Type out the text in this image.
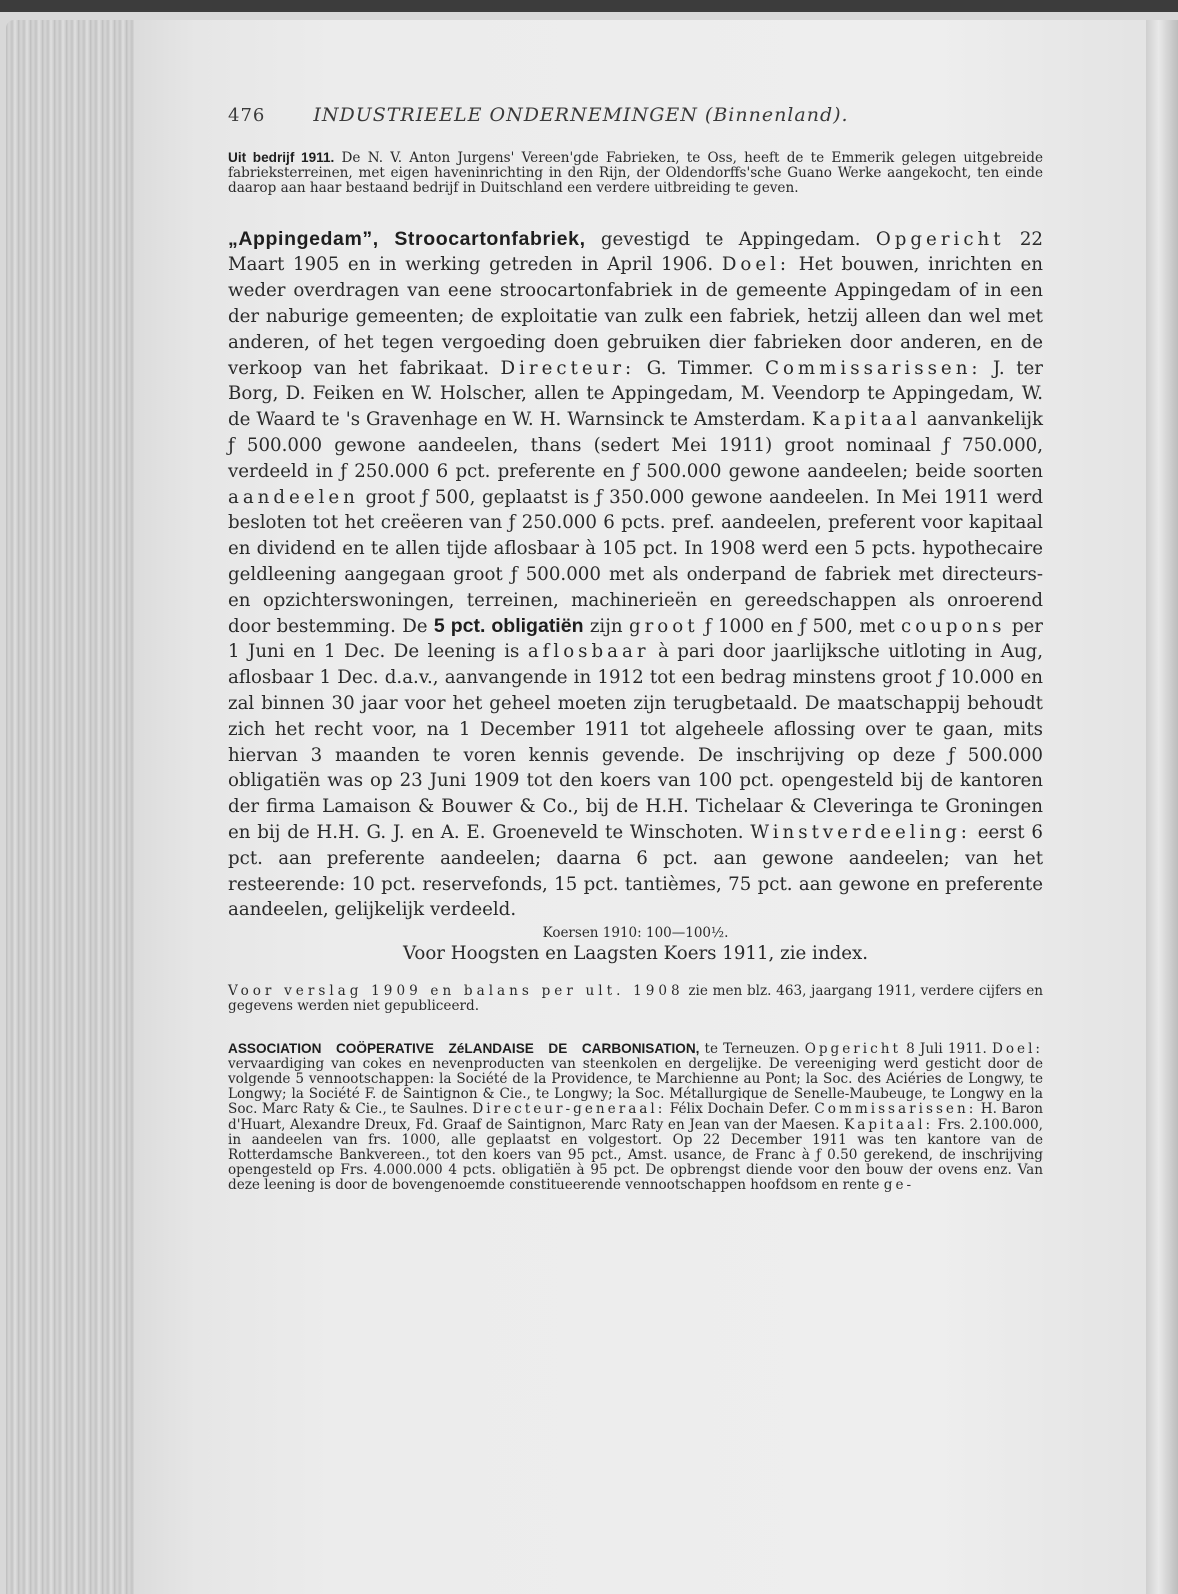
476	INDUSTRIEELE ONDERNEMINGEN (Binnenland).

Uit bedrijf 1911. De N. V. Anton Jurgens' Vereen'gde Fabrieken, te Oss, heeft de te Emmerik gelegen uitgebreide fabrieksterreinen, met eigen haveninrichting in den Rijn, der Oldendorffs'sche Guano Werke aangekocht, ten einde daarop aan haar bestaand bedrijf in Duitschland een verdere uitbreiding te geven.

„Appingedam”, Stroocartonfabriek, gevestigd te Appingedam. Opgericht 22 Maart 1905 en in werking getreden in April 1906. Doel: Het bouwen, inrichten en weder overdragen van eene stroocartonfabriek in de gemeente Appingedam of in een der naburige gemeenten; de exploitatie van zulk een fabriek, hetzij alleen dan wel met anderen, of het tegen vergoeding doen gebruiken dier fabrieken door anderen, en de verkoop van het fabrikaat. Directeur: G. Timmer. Commissarissen: J. ter Borg, D. Feiken en W. Holscher, allen te Appingedam, M. Veendorp te Appingedam, W. de Waard te 's Gravenhage en W. H. Warnsinck te Amsterdam. Kapitaal aanvankelijk ƒ 500.000 gewone aandeelen, thans (sedert Mei 1911) groot nominaal ƒ 750.000, verdeeld in ƒ 250.000 6 pct. preferente en ƒ 500.000 gewone aandeelen; beide soorten aandeelen groot ƒ 500, geplaatst is ƒ 350.000 gewone aandeelen. In Mei 1911 werd besloten tot het creëeren van ƒ 250.000 6 pcts. pref. aandeelen, preferent voor kapitaal en dividend en te allen tijde aflosbaar à 105 pct. In 1908 werd een 5 pcts. hypothecaire geldleening aangegaan groot ƒ 500.000 met als onderpand de fabriek met directeurs- en opzichterswoningen, terreinen, machinerieën en gereedschappen als onroerend door bestemming. De 5 pct. obligatiën zijn groot ƒ 1000 en ƒ 500, met coupons per 1 Juni en 1 Dec. De leening is aflosbaar à pari door jaarlijksche uitloting in Aug, aflosbaar 1 Dec. d.a.v., aanvangende in 1912 tot een bedrag minstens groot ƒ 10.000 en zal binnen 30 jaar voor het geheel moeten zijn terugbetaald. De maatschappij behoudt zich het recht voor, na 1 December 1911 tot algeheele aflossing over te gaan, mits hiervan 3 maanden te voren kennis gevende. De inschrijving op deze ƒ 500.000 obligatiën was op 23 Juni 1909 tot den koers van 100 pct. opengesteld bij de kantoren der firma Lamaison & Bouwer & Co., bij de H.H. Tichelaar & Cleveringa te Groningen en bij de H.H. G. J. en A. E. Groeneveld te Winschoten. Winstverdeeling: eerst 6 pct. aan preferente aandeelen; daarna 6 pct. aan gewone aandeelen; van het resteerende: 10 pct. reservefonds, 15 pct. tantièmes, 75 pct. aan gewone en preferente aandeelen, gelijkelijk verdeeld.

Koersen 1910: 100—100½.
Voor Hoogsten en Laagsten Koers 1911, zie index.

Voor verslag 1909 en balans per ult. 1908 zie men blz. 463, jaargang 1911, verdere cijfers en gegevens werden niet gepubliceerd.

ASSOCIATION COÖPERATIVE ZéLANDAISE DE CARBONISATION, te Terneuzen. Opgericht 8 Juli 1911. Doel: vervaardiging van cokes en nevenproducten van steenkolen en dergelijke. De vereeniging werd gesticht door de volgende 5 vennootschappen: la Société de la Providence, te Marchienne au Pont; la Soc. des Aciéries de Longwy, te Longwy; la Société F. de Saintignon & Cie., te Longwy; la Soc. Métallurgique de Senelle-Maubeuge, te Longwy en la Soc. Marc Raty & Cie., te Saulnes. Directeur-generaal: Félix Dochain Defer. Commissarissen: H. Baron d'Huart, Alexandre Dreux, Fd. Graaf de Saintignon, Marc Raty en Jean van der Maesen. Kapitaal: Frs. 2.100.000, in aandeelen van frs. 1000, alle geplaatst en volgestort. Op 22 December 1911 was ten kantore van de Rotterdamsche Bankvereen., tot den koers van 95 pct., Amst. usance, de Franc à ƒ 0.50 gerekend, de inschrijving opengesteld op Frs. 4.000.000 4 pcts. obligatiën à 95 pct. De opbrengst diende voor den bouw der ovens enz. Van deze leening is door de bovengenoemde constitueerende vennootschappen hoofdsom en rente ge-
